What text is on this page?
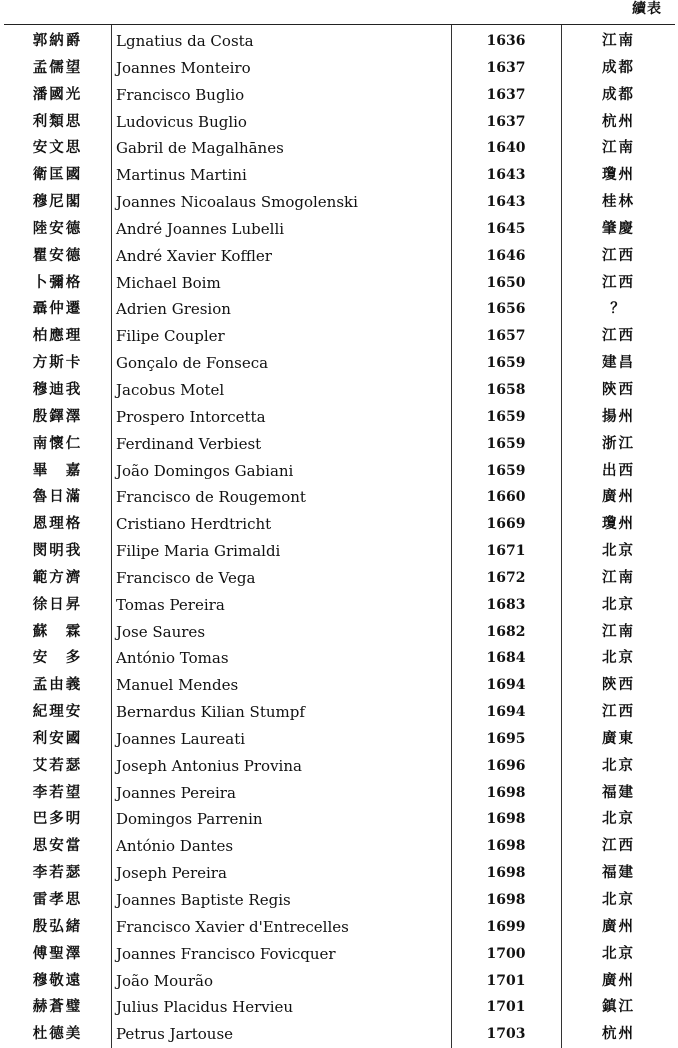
續表
郭納爵	Lgnatius da Costa	1636	江南
孟儒望	Joannes Monteiro	1637	成都
潘國光	Francisco Buglio	1637	成都
利類思	Ludovicus Buglio	1637	杭州
安文思	Gabril de Magalhānes	1640	江南
衛匡國	Martinus Martini	1643	瓊州
穆尼閣	Joannes Nicoalaus Smogolenski	1643	桂林
陸安德	André Joannes Lubelli	1645	肇慶
瞿安德	André Xavier Koffler	1646	江西
卜彌格	Michael Boim	1650	江西
聶仲遷	Adrien Gresion	1656	？
柏應理	Filipe Coupler	1657	江西
方斯卡	Gonçalo de Fonseca	1659	建昌
穆迪我	Jacobus Motel	1658	陝西
殷鐸澤	Prospero Intorcetta	1659	揚州
南懷仁	Ferdinand Verbiest	1659	浙江
畢　嘉	João Domingos Gabiani	1659	出西
魯日滿	Francisco de Rougemont	1660	廣州
恩理格	Cristiano Herdtricht	1669	瓊州
閔明我	Filipe Maria Grimaldi	1671	北京
範方濟	Francisco de Vega	1672	江南
徐日昇	Tomas Pereira	1683	北京
蘇　霖	Jose Saures	1682	江南
安　多	António Tomas	1684	北京
孟由義	Manuel Mendes	1694	陝西
紀理安	Bernardus Kilian Stumpf	1694	江西
利安國	Joannes Laureati	1695	廣東
艾若瑟	Joseph Antonius Provina	1696	北京
李若望	Joannes Pereira	1698	福建
巴多明	Domingos Parrenin	1698	北京
思安當	António Dantes	1698	江西
李若瑟	Joseph Pereira	1698	福建
雷孝思	Joannes Baptiste Regis	1698	北京
殷弘緒	Francisco Xavier d'Entrecelles	1699	廣州
傅聖澤	Joannes Francisco Fovicquer	1700	北京
穆敬遠	João Mourão	1701	廣州
赫蒼璧	Julius Placidus Hervieu	1701	鎮江
杜德美	Petrus Jartouse	1703	杭州
